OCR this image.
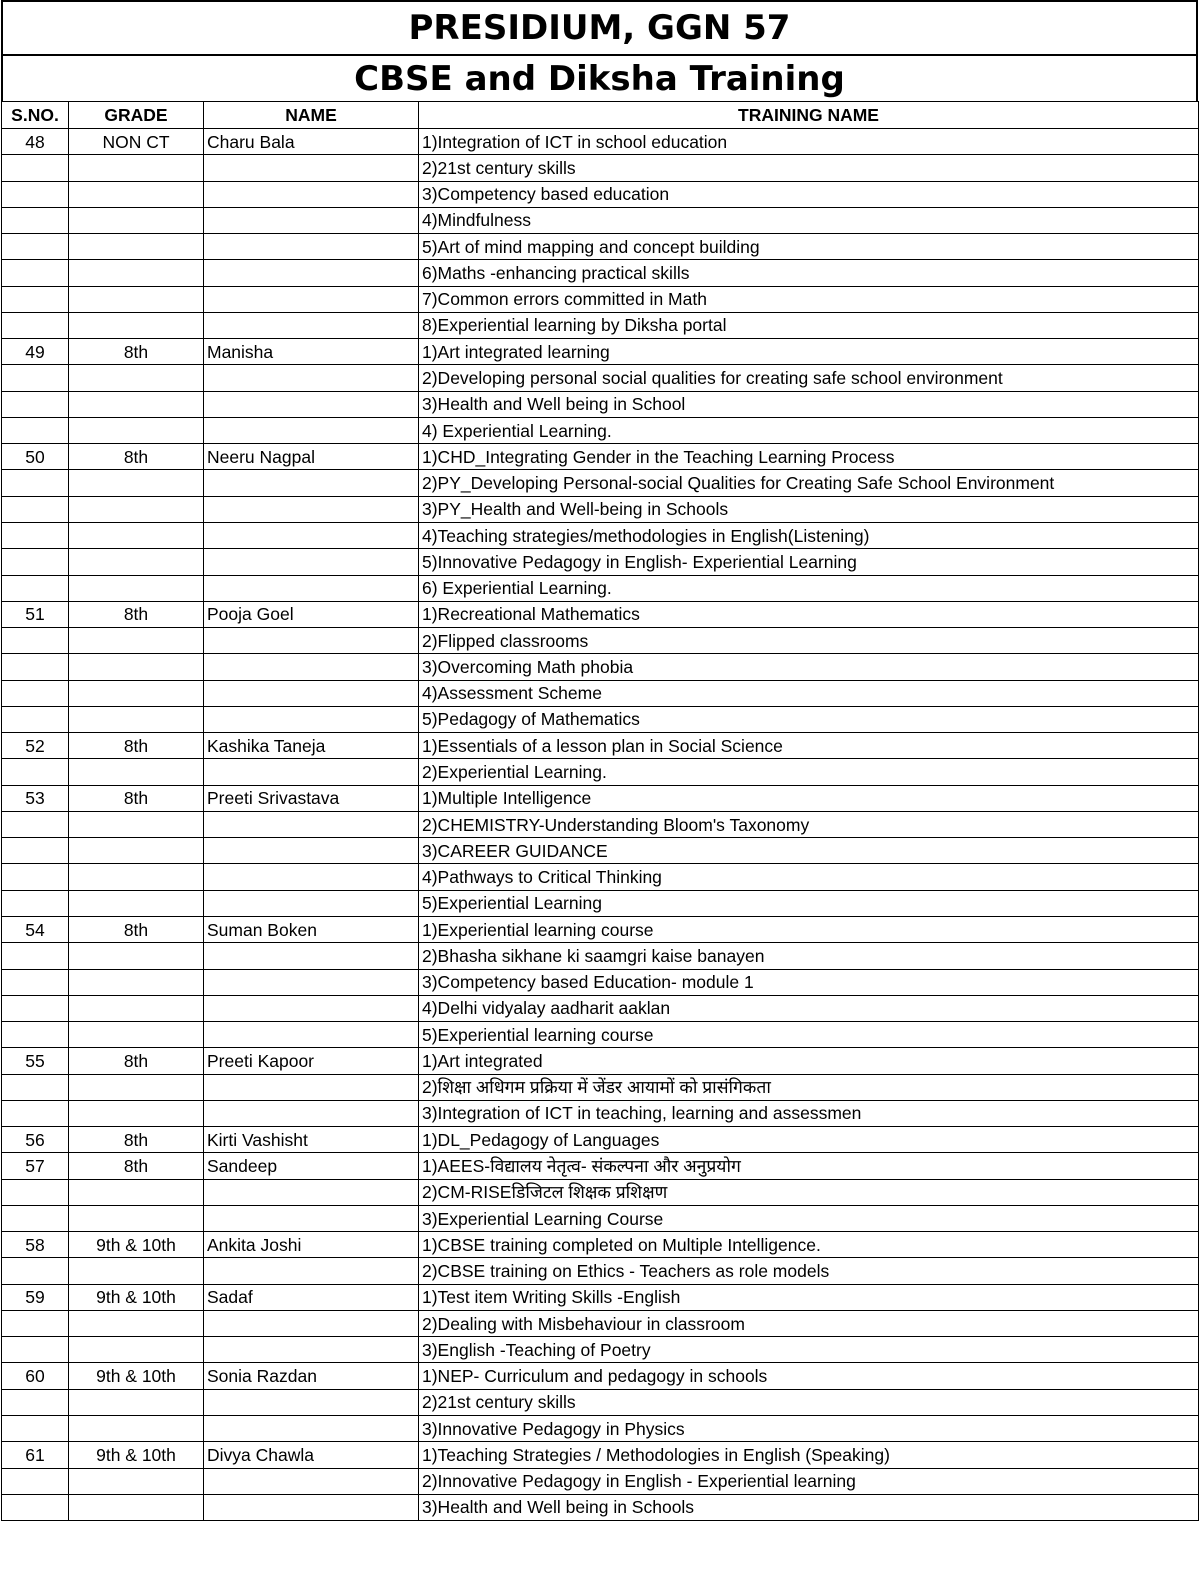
PRESIDIUM, GGN 57
CBSE and Diksha Training
S.NO.	GRADE	NAME	TRAINING NAME
48	NON CT	Charu Bala	1)Integration of ICT in school education
			2)21st century skills
			3)Competency based education
			4)Mindfulness
			5)Art of mind mapping and concept building
			6)Maths -enhancing practical skills
			7)Common errors committed in Math
			8)Experiential learning by Diksha portal
49	8th	Manisha	1)Art integrated learning
			2)Developing personal social qualities for creating safe school environment
			3)Health and Well being in School
			4) Experiential Learning.
50	8th	Neeru Nagpal	1)CHD_Integrating Gender in the Teaching Learning Process
			2)PY_Developing Personal-social Qualities for Creating Safe School Environment
			3)PY_Health and Well-being in Schools
			4)Teaching strategies/methodologies in English(Listening)
			5)Innovative Pedagogy in English- Experiential Learning
			6) Experiential Learning.
51	8th	Pooja Goel	1)Recreational Mathematics
			2)Flipped classrooms
			3)Overcoming Math phobia
			4)Assessment Scheme
			5)Pedagogy of Mathematics
52	8th	Kashika Taneja	1)Essentials of a lesson plan in Social Science
			2)Experiential Learning.
53	8th	Preeti Srivastava	1)Multiple Intelligence
			2)CHEMISTRY-Understanding Bloom's Taxonomy
			3)CAREER GUIDANCE
			4)Pathways to Critical Thinking
			5)Experiential Learning
54	8th	Suman Boken	1)Experiential learning course
			2)Bhasha sikhane ki saamgri kaise banayen
			3)Competency based Education- module 1
			4)Delhi vidyalay aadharit aaklan
			5)Experiential learning course
55	8th	Preeti Kapoor	1)Art integrated
			2)शिक्षा अधिगम प्रक्रिया में जेंडर आयामों को प्रासंगिकता
			3)Integration of ICT in teaching, learning and assessmen
56	8th	Kirti Vashisht	1)DL_Pedagogy of Languages
57	8th	Sandeep	1)AEES-विद्यालय नेतृत्व- संकल्पना और अनुप्रयोग
			2)CM-RISEडिजिटल शिक्षक प्रशिक्षण
			3)Experiential Learning Course
58	9th & 10th	Ankita Joshi	1)CBSE training completed on Multiple Intelligence.
			2)CBSE training on Ethics - Teachers as role models
59	9th & 10th	Sadaf	1)Test item Writing Skills -English
			2)Dealing with Misbehaviour in classroom
			3)English -Teaching of Poetry
60	9th & 10th	Sonia Razdan	1)NEP- Curriculum and pedagogy in schools
			2)21st century skills
			3)Innovative Pedagogy in Physics
61	9th & 10th	Divya Chawla	1)Teaching Strategies / Methodologies in English (Speaking)
			2)Innovative Pedagogy in English - Experiential learning
			3)Health and Well being in Schools
